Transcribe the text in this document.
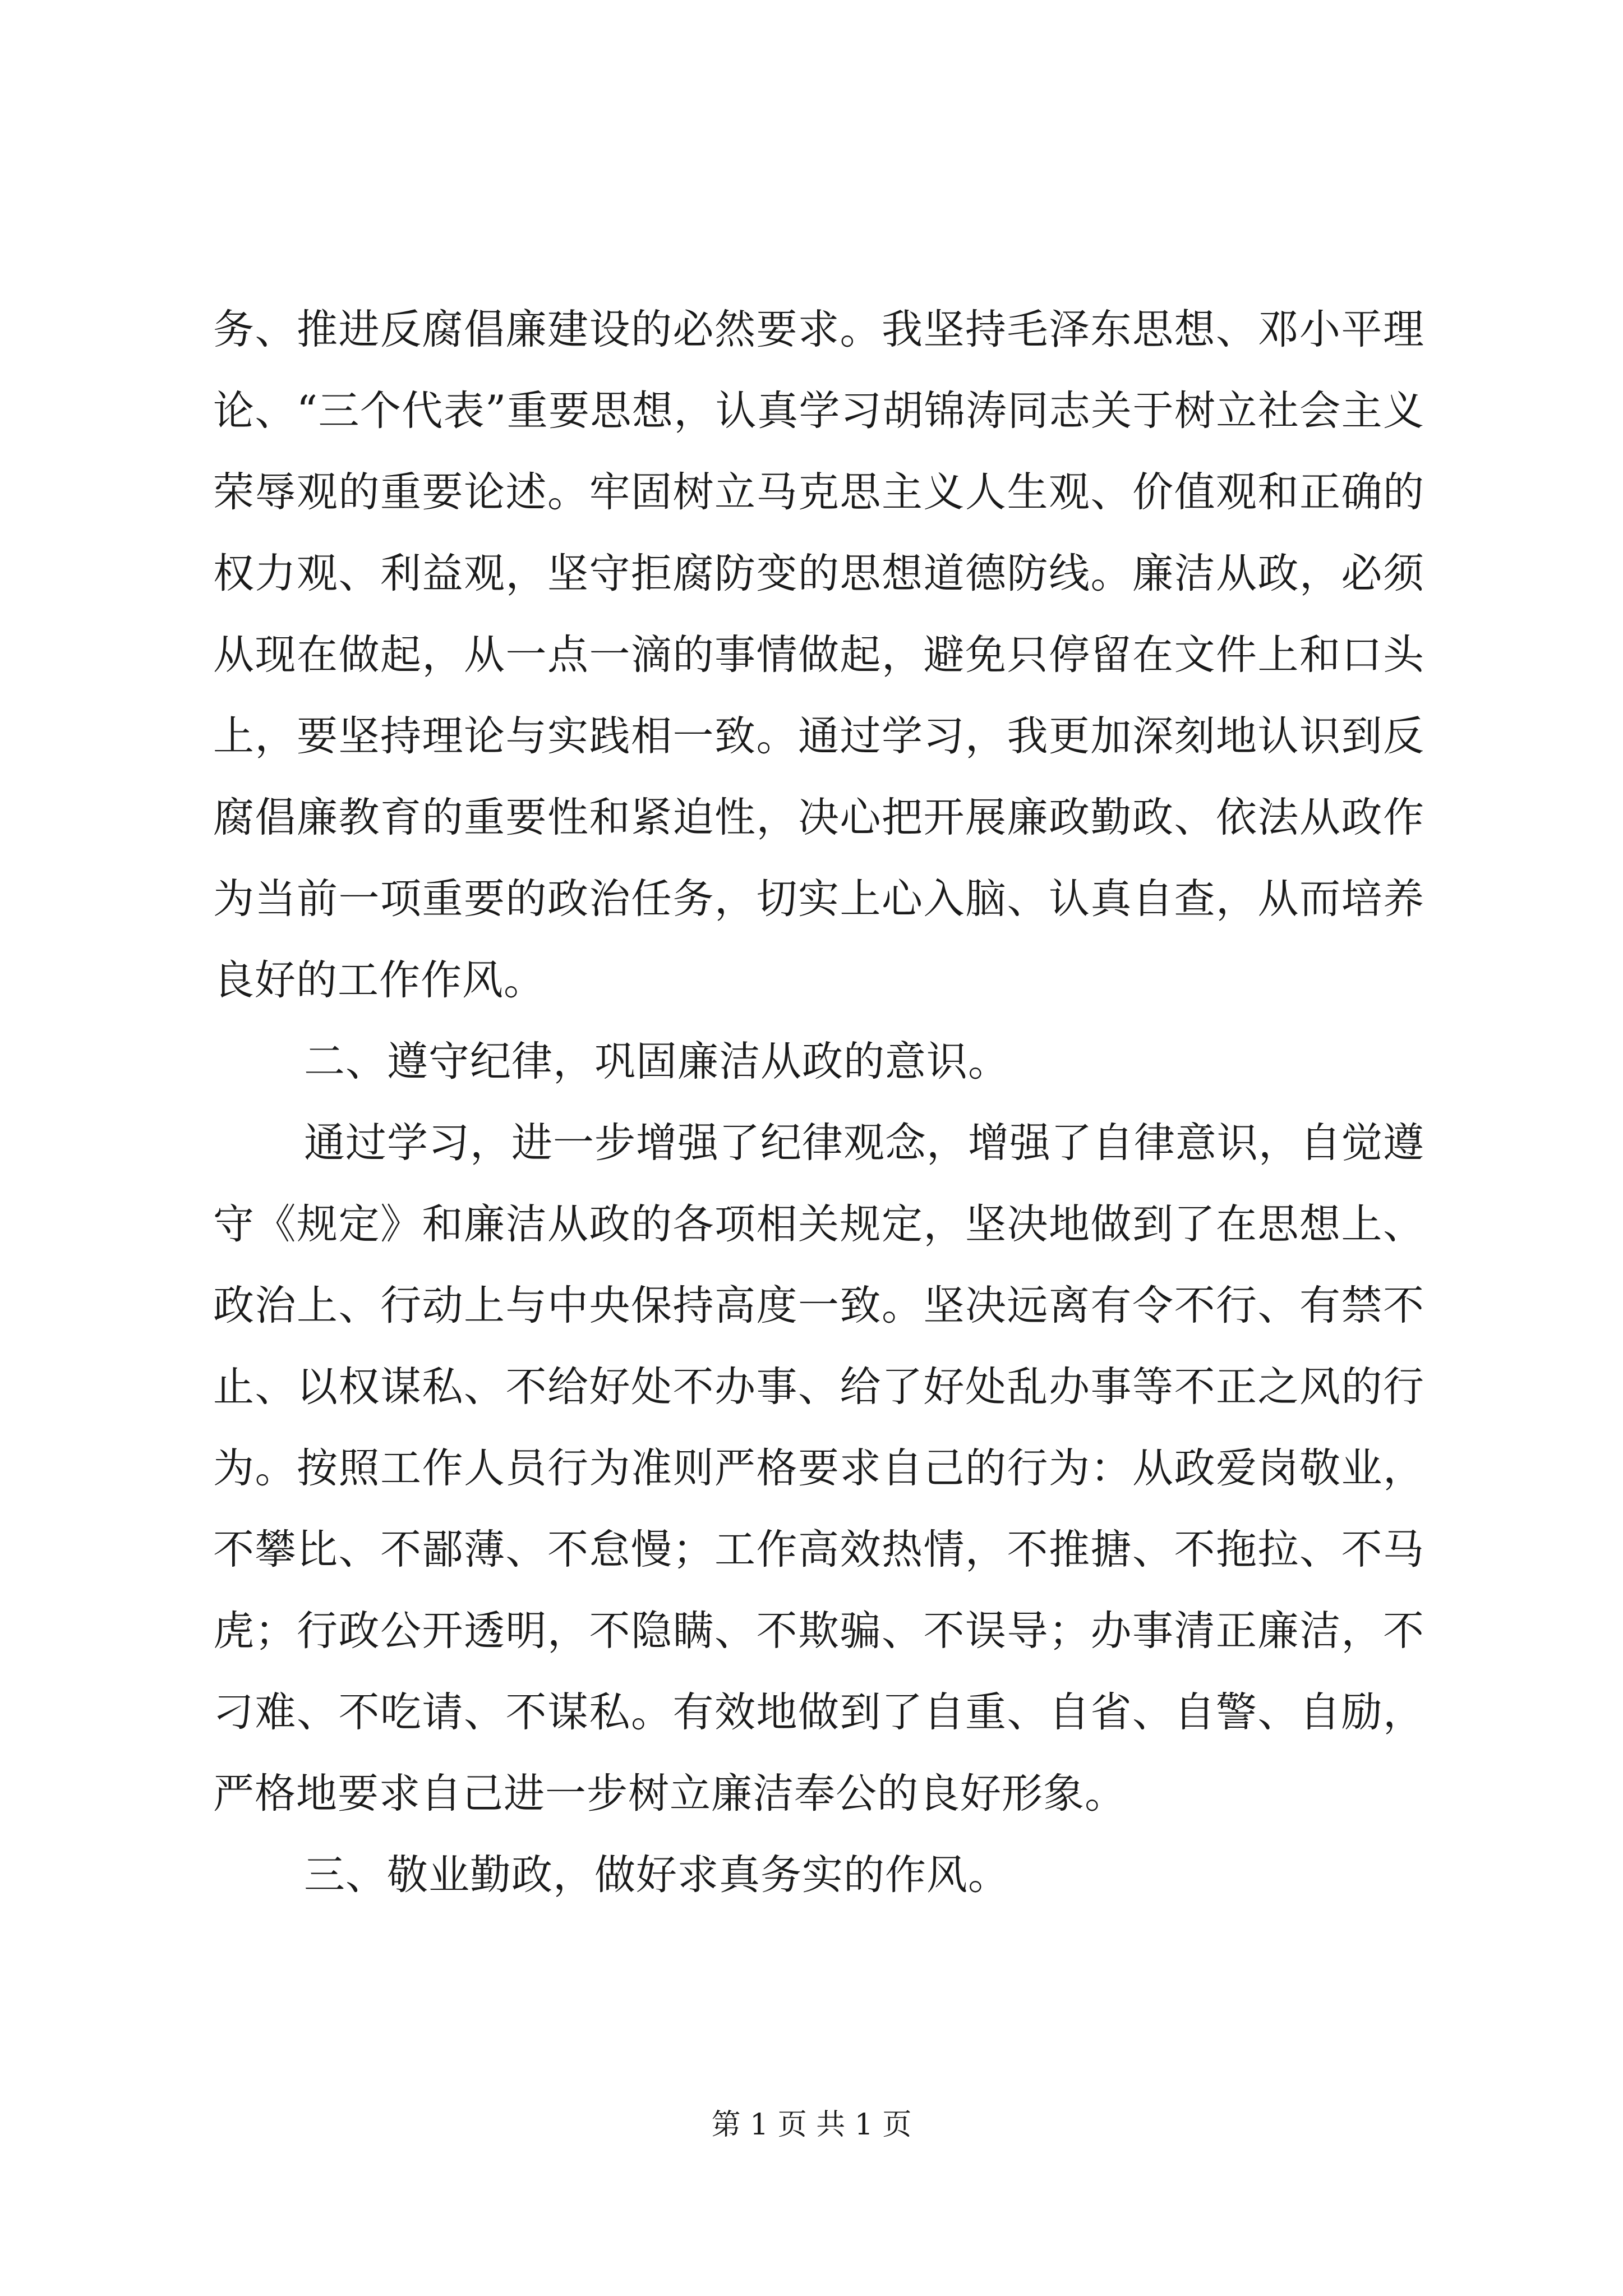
务、推进反腐倡廉建设的必然要求。我坚持毛泽东思想、邓小平理论、“三个代表”重要思想，认真学习胡锦涛同志关于树立社会主义荣辱观的重要论述。牢固树立马克思主义人生观、价值观和正确的权力观、利益观，坚守拒腐防变的思想道德防线。廉洁从政，必须从现在做起，从一点一滴的事情做起，避免只停留在文件上和口头上，要坚持理论与实践相一致。通过学习，我更加深刻地认识到反腐倡廉教育的重要性和紧迫性，决心把开展廉政勤政、依法从政作为当前一项重要的政治任务，切实上心入脑、认真自查，从而培养良好的工作作风。

二、遵守纪律，巩固廉洁从政的意识。

通过学习，进一步增强了纪律观念，增强了自律意识，自觉遵守《规定》和廉洁从政的各项相关规定，坚决地做到了在思想上、政治上、行动上与中央保持高度一致。坚决远离有令不行、有禁不止、以权谋私、不给好处不办事、给了好处乱办事等不正之风的行为。按照工作人员行为准则严格要求自己的行为：从政爱岗敬业，不攀比、不鄙薄、不怠慢；工作高效热情，不推搪、不拖拉、不马虎；行政公开透明，不隐瞒、不欺骗、不误导；办事清正廉洁，不刁难、不吃请、不谋私。有效地做到了自重、自省、自警、自励，严格地要求自己进一步树立廉洁奉公的良好形象。

三、敬业勤政，做好求真务实的作风。

第 1 页 共 1 页
